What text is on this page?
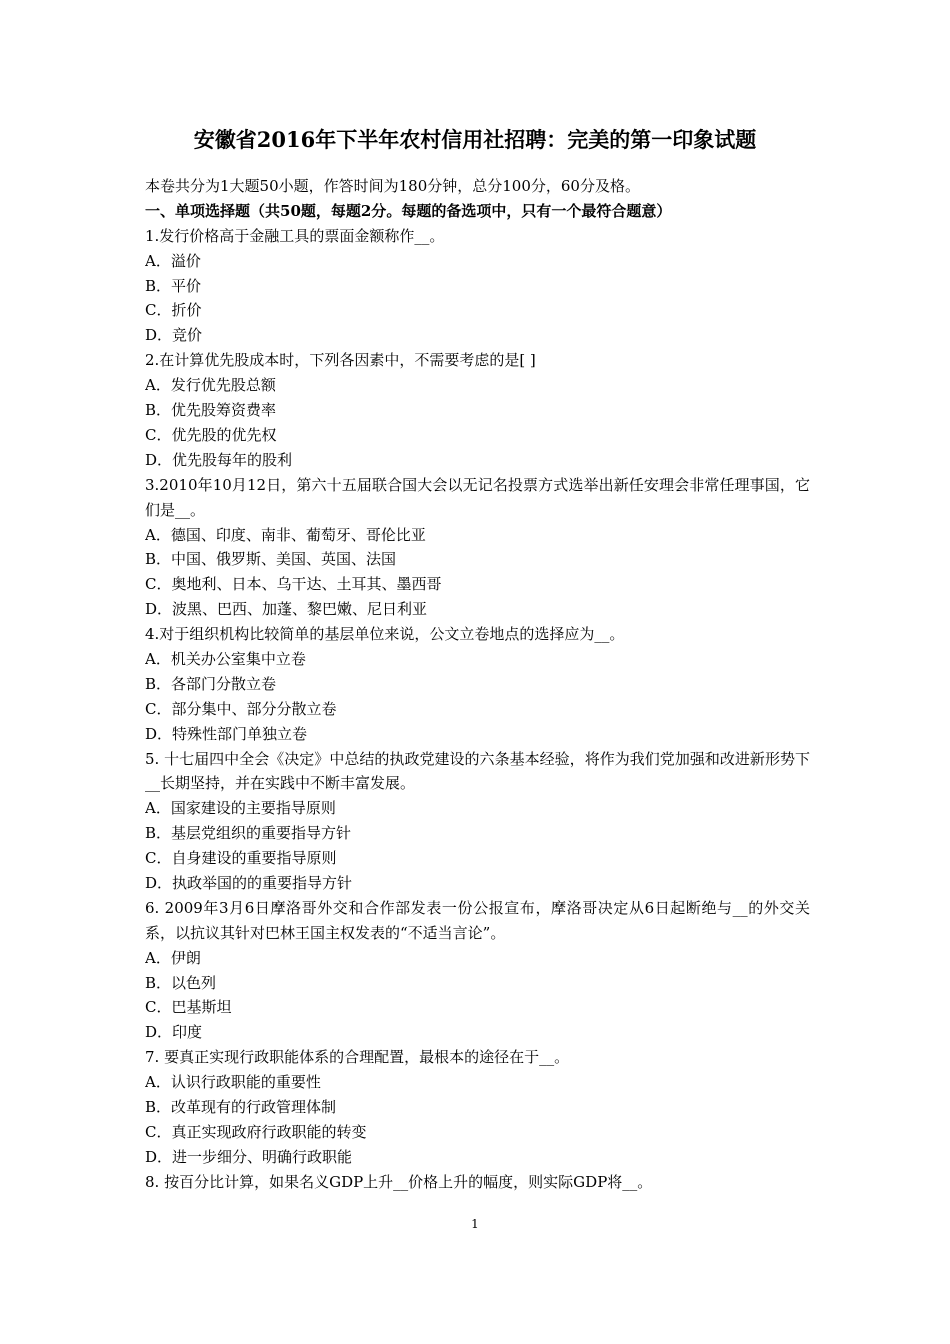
安徽省2016年下半年农村信用社招聘：完美的第一印象试题
本卷共分为1大题50小题，作答时间为180分钟，总分100分，60分及格。
一、单项选择题（共50题，每题2分。每题的备选项中，只有一个最符合题意）
1.发行价格高于金融工具的票面金额称作__。
A．溢价
B．平价
C．折价
D．竞价
2.在计算优先股成本时，下列各因素中，不需要考虑的是[ ]
A．发行优先股总额
B．优先股筹资费率
C．优先股的优先权
D．优先股每年的股利
3.2010年10月12日，第六十五届联合国大会以无记名投票方式选举出新任安理会非常任理事国，它们是__。
A．德国、印度、南非、葡萄牙、哥伦比亚
B．中国、俄罗斯、美国、英国、法国
C．奥地利、日本、乌干达、土耳其、墨西哥
D．波黑、巴西、加蓬、黎巴嫩、尼日利亚
4.对于组织机构比较简单的基层单位来说，公文立卷地点的选择应为__。
A．机关办公室集中立卷
B．各部门分散立卷
C．部分集中、部分分散立卷
D．特殊性部门单独立卷
5. 十七届四中全会《决定》中总结的执政党建设的六条基本经验，将作为我们党加强和改进新形势下__长期坚持，并在实践中不断丰富发展。
A．国家建设的主要指导原则
B．基层党组织的重要指导方针
C．自身建设的重要指导原则
D．执政举国的的重要指导方针
6. 2009年3月6日摩洛哥外交和合作部发表一份公报宣布，摩洛哥决定从6日起断绝与__的外交关系，以抗议其针对巴林王国主权发表的“不适当言论”。
A．伊朗
B．以色列
C．巴基斯坦
D．印度
7. 要真正实现行政职能体系的合理配置，最根本的途径在于__。
A．认识行政职能的重要性
B．改革现有的行政管理体制
C．真正实现政府行政职能的转变
D．进一步细分、明确行政职能
8. 按百分比计算，如果名义GDP上升__价格上升的幅度，则实际GDP将__。
1
